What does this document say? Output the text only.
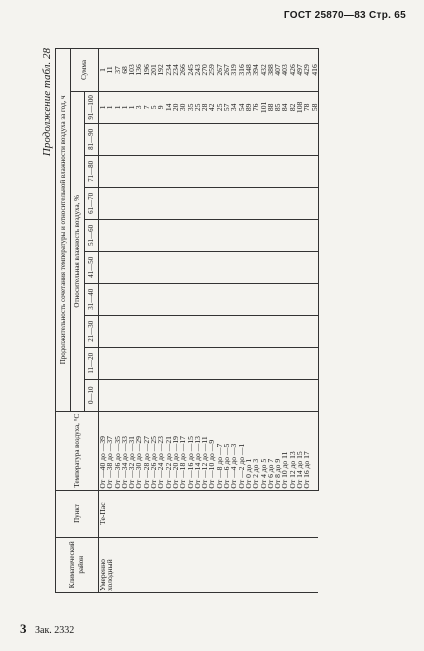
ГОСТ 25870—83 Стр. 65
Продолжение табл. 28
Климатический район	Пункт	Температура воздуха, °С	Продолжительность сочетания температуры и относительной влажности воздуха за год, ч										
			Относительная влажность воздуха, %										Сумма
			0—10	11—20	21—30	31—40	41—50	51—60	61—70	71—80	81—90	91—100	
Умеренно холодный	Те-Пас	От —40 до —39										1	1
		От —38 до —37										1	11
		От —36 до —35										1	37
		От —34 до —33										1	68
		От —32 до —31										1	103
		От —30 до —29										3	136
		От —28 до —27										7	196
		От —26 до —25										5	201
		От —24 до —23										9	192
		От —22 до —21										14	234
		От —20 до —19										20	234
		От —18 до —17										30	266
		От —16 до —15										35	245
		От —14 до —13										25	243
		От —12 до —11										28	270
		От —10 до —9										42	259
		От —8 до —7										25	267
		От —6 до —5										57	267
		От —4 до —3										34	319
		От —2 до —1										54	316
		От 0 до 1										89	348
		От 2 до 3										76	394
		От 4 до 5										101	432
		От 6 до 7										88	388
		От 8 до 9										85	407
		От 10 до 11										84	403
		От 12 до 13										82	426
		От 14 до 15										108	497
		От 16 до 17										78	429
												58	416
3 Зак. 2332
